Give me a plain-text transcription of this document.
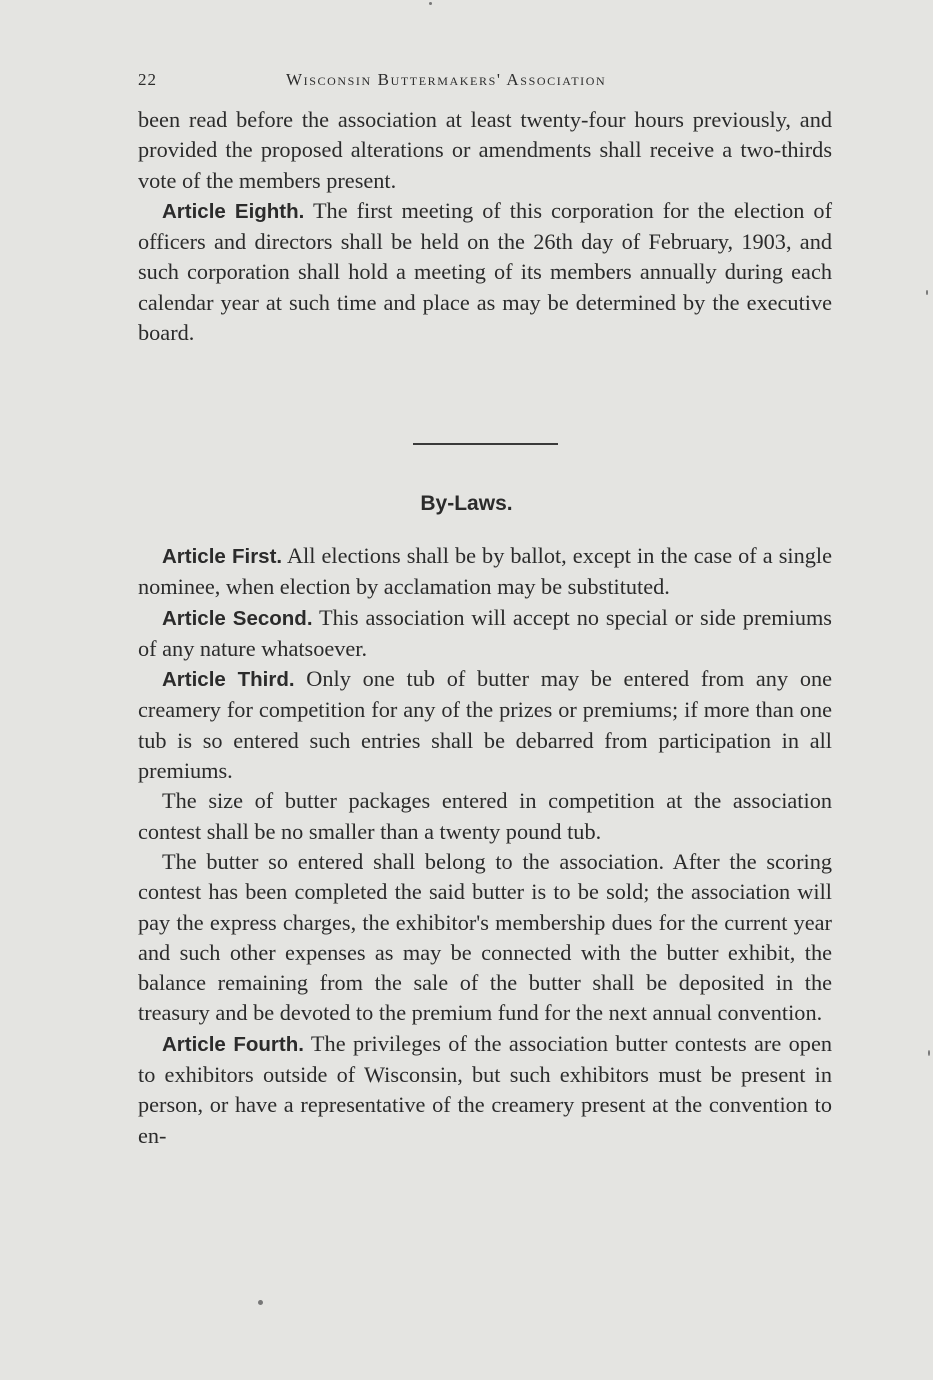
22	Wisconsin Buttermakers' Association

been read before the association at least twenty-four hours previously, and provided the proposed alterations or amendments shall receive a two-thirds vote of the members present.

Article Eighth. The first meeting of this corporation for the election of officers and directors shall be held on the 26th day of February, 1903, and such corporation shall hold a meeting of its members annually during each calendar year at such time and place as may be determined by the executive board.

By-Laws.

Article First. All elections shall be by ballot, except in the case of a single nominee, when election by acclamation may be substituted.

Article Second. This association will accept no special or side premiums of any nature whatsoever.

Article Third. Only one tub of butter may be entered from any one creamery for competition for any of the prizes or premiums; if more than one tub is so entered such entries shall be debarred from participation in all premiums.

The size of butter packages entered in competition at the association contest shall be no smaller than a twenty pound tub.

The butter so entered shall belong to the association. After the scoring contest has been completed the said butter is to be sold; the association will pay the express charges, the exhibitor's membership dues for the current year and such other expenses as may be connected with the butter exhibit, the balance remaining from the sale of the butter shall be deposited in the treasury and be devoted to the premium fund for the next annual convention.

Article Fourth. The privileges of the association butter contests are open to exhibitors outside of Wisconsin, but such exhibitors must be present in person, or have a representative of the creamery present at the convention to en-
